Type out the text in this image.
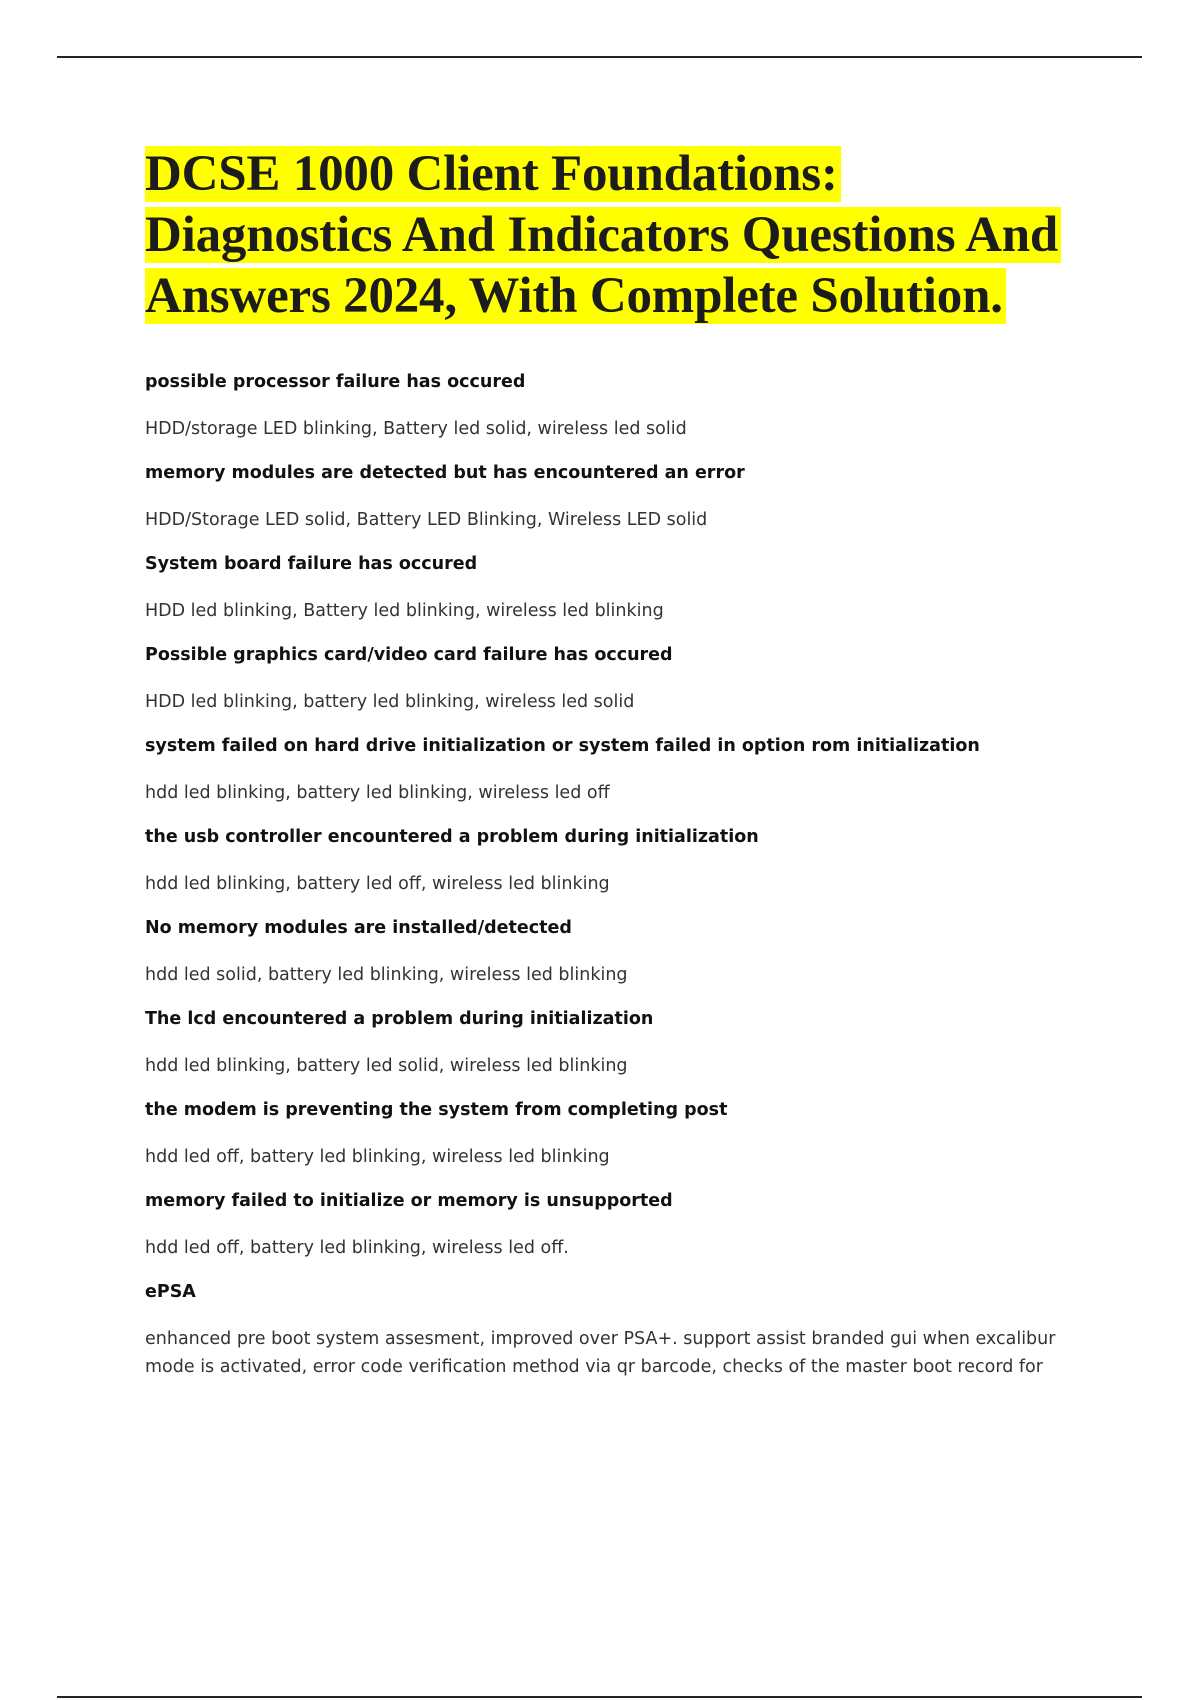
DCSE 1000 Client Foundations: Diagnostics And Indicators Questions And Answers 2024, With Complete Solution.

possible processor failure has occured

HDD/storage LED blinking, Battery led solid, wireless led solid

memory modules are detected but has encountered an error

HDD/Storage LED solid, Battery LED Blinking, Wireless LED solid

System board failure has occured

HDD led blinking, Battery led blinking, wireless led blinking

Possible graphics card/video card failure has occured

HDD led blinking, battery led blinking, wireless led solid

system failed on hard drive initialization or system failed in option rom initialization

hdd led blinking, battery led blinking, wireless led off

the usb controller encountered a problem during initialization

hdd led blinking, battery led off, wireless led blinking

No memory modules are installed/detected

hdd led solid, battery led blinking, wireless led blinking

The lcd encountered a problem during initialization

hdd led blinking, battery led solid, wireless led blinking

the modem is preventing the system from completing post

hdd led off, battery led blinking, wireless led blinking

memory failed to initialize or memory is unsupported

hdd led off, battery led blinking, wireless led off.

ePSA

enhanced pre boot system assesment, improved over PSA+. support assist branded gui when excalibur mode is activated, error code verification method via qr barcode, checks of the master boot record for
